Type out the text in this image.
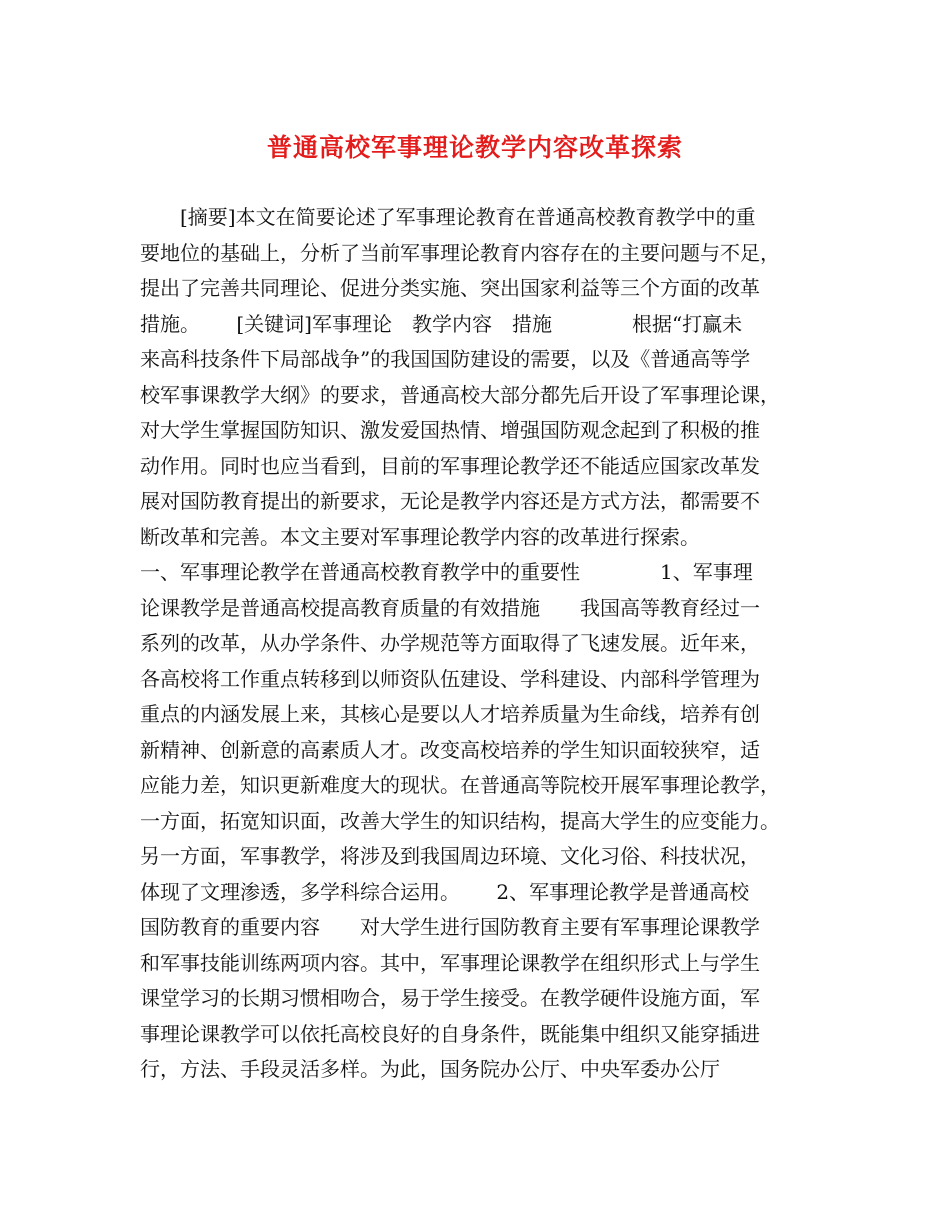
普通高校军事理论教学内容改革探索
　　[摘要]本文在简要论述了军事理论教育在普通高校教育教学中的重
要地位的基础上，分析了当前军事理论教育内容存在的主要问题与不足，
提出了完善共同理论、促进分类实施、突出国家利益等三个方面的改革
措施。　　 [关键词]军事理论　教学内容　措施　　　　根据“打赢未
来高科技条件下局部战争”的我国国防建设的需要，以及《普通高等学
校军事课教学大纲》的要求，普通高校大部分都先后开设了军事理论课，
对大学生掌握国防知识、激发爱国热情、增强国防观念起到了积极的推
动作用。同时也应当看到，目前的军事理论教学还不能适应国家改革发
展对国防教育提出的新要求，无论是教学内容还是方式方法，都需要不
断改革和完善。本文主要对军事理论教学内容的改革进行探索。
一、军事理论教学在普通高校教育教学中的重要性　　　　1、军事理
论课教学是普通高校提高教育质量的有效措施　　我国高等教育经过一
系列的改革，从办学条件、办学规范等方面取得了飞速发展。近年来，
各高校将工作重点转移到以师资队伍建设、学科建设、内部科学管理为
重点的内涵发展上来，其核心是要以人才培养质量为生命线，培养有创
新精神、创新意的高素质人才。改变高校培养的学生知识面较狭窄，适
应能力差，知识更新难度大的现状。在普通高等院校开展军事理论教学，
一方面，拓宽知识面，改善大学生的知识结构，提高大学生的应变能力。
另一方面，军事教学，将涉及到我国周边环境、文化习俗、科技状况，
体现了文理渗透，多学科综合运用。　　 2、军事理论教学是普通高校
国防教育的重要内容　　对大学生进行国防教育主要有军事理论课教学
和军事技能训练两项内容。其中，军事理论课教学在组织形式上与学生
课堂学习的长期习惯相吻合，易于学生接受。在教学硬件设施方面，军
事理论课教学可以依托高校良好的自身条件，既能集中组织又能穿插进
行，方法、手段灵活多样。为此，国务院办公厅、中央军委办公厅
